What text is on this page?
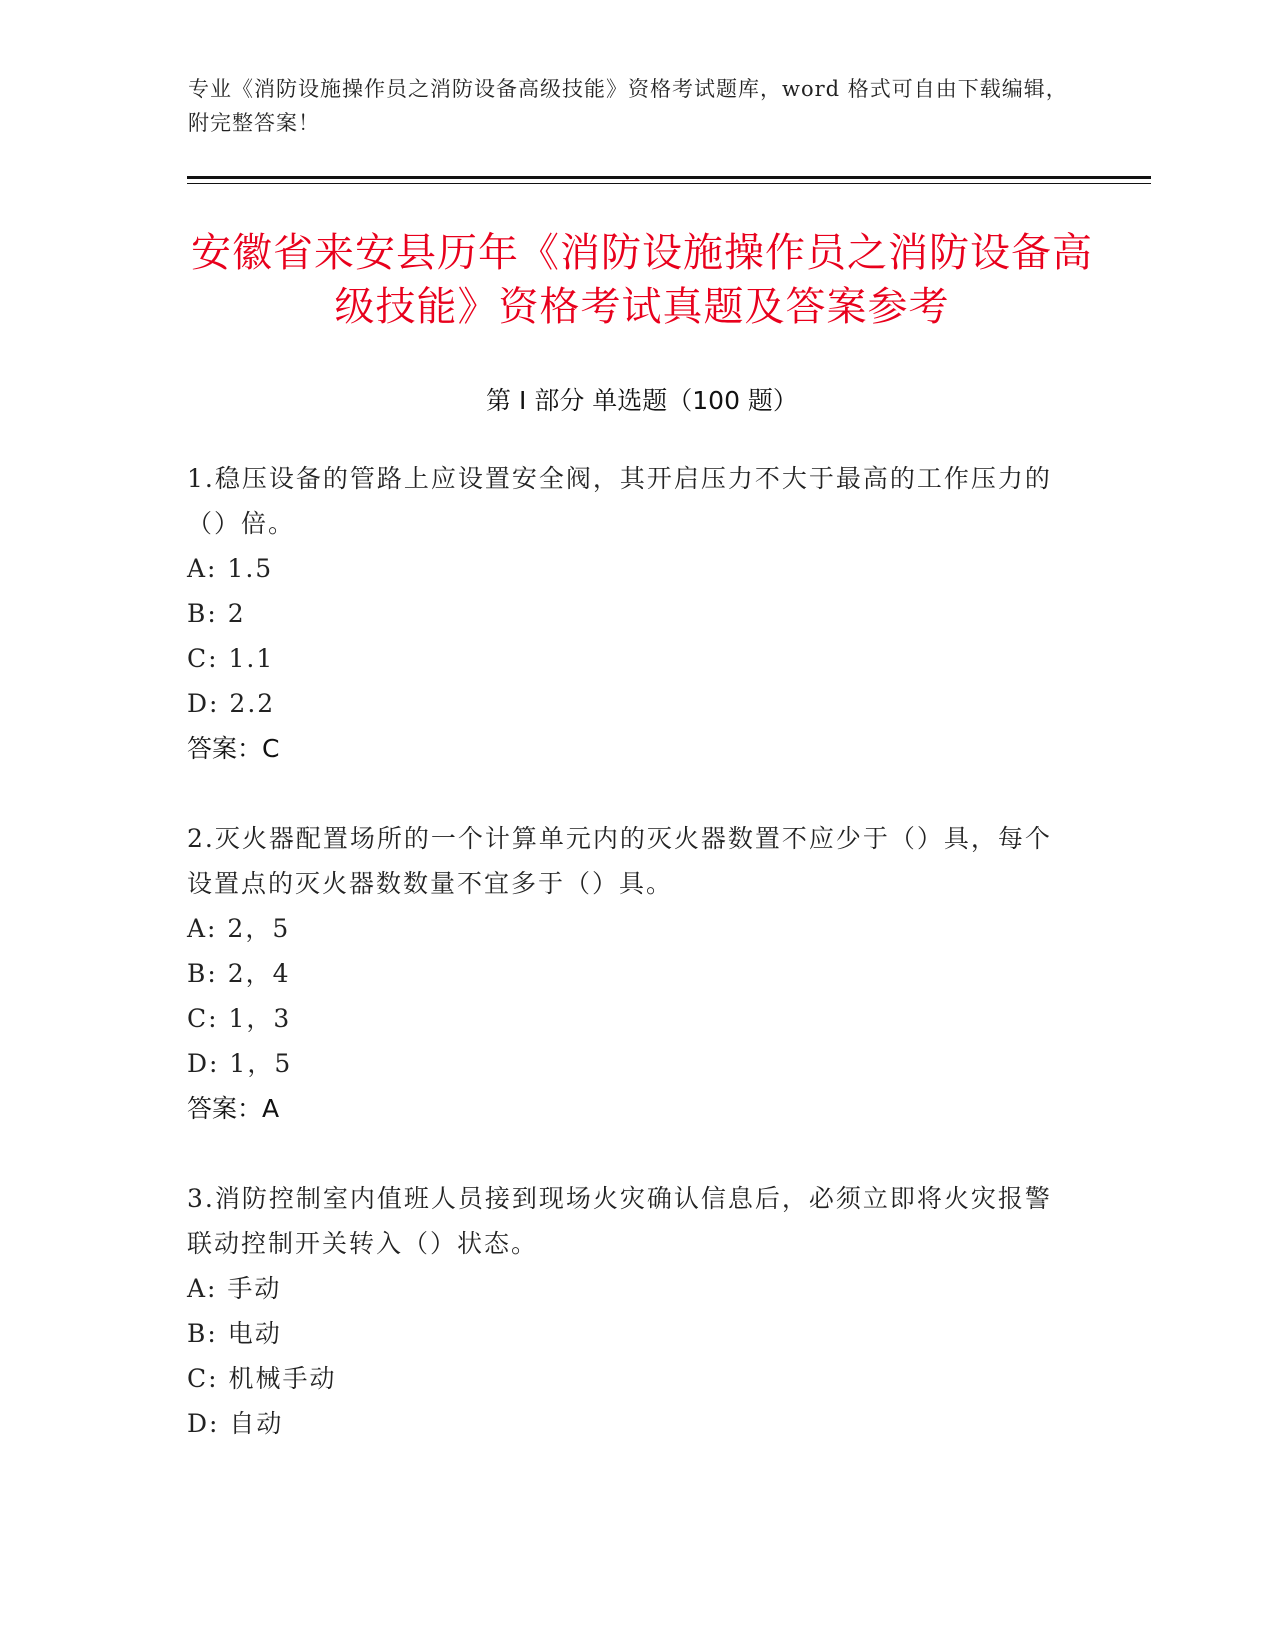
专业《消防设施操作员之消防设备高级技能》资格考试题库，word 格式可自由下载编辑，附完整答案！
安徽省来安县历年《消防设施操作员之消防设备高级技能》资格考试真题及答案参考
第 I 部分 单选题（100 题）

1.稳压设备的管路上应设置安全阀，其开启压力不大于最高的工作压力的（）倍。

A: 1.5

B: 2

C: 1.1

D: 2.2

答案：C

2.灭火器配置场所的一个计算单元内的灭火器数置不应少于（）具，每个设置点的灭火器数数量不宜多于（）具。

A: 2，5

B: 2，4

C: 1，3

D: 1，5

答案：A

3.消防控制室内值班人员接到现场火灾确认信息后，必须立即将火灾报警联动控制开关转入（）状态。

A: 手动

B: 电动

C: 机械手动

D: 自动
